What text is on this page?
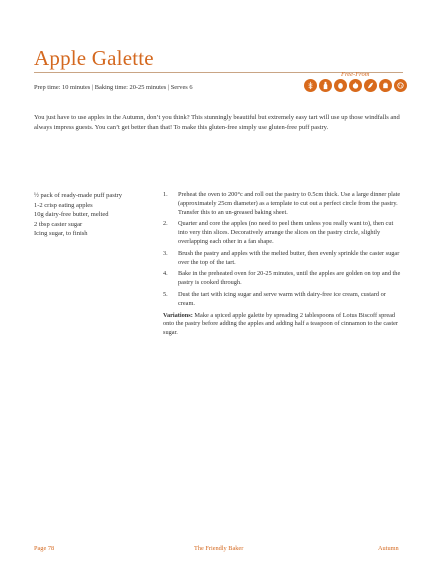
Apple Galette
Free-From
Prep time: 10 minutes | Baking time: 20-25 minutes | Serves 6
You just have to use apples in the Autumn, don’t you think? This stunningly beautiful but extremely easy tart will use up those windfalls and always impress guests. You can’t get better than that! To make this gluten-free simply use gluten-free puff pastry.
½ pack of ready-made puff pastry
1-2 crisp eating apples
10g dairy-free butter, melted
2 tbsp caster sugar
Icing sugar, to finish
1.	Preheat the oven to 200°c and roll out the pastry to 0.5cm thick. Use a large dinner plate (approximately 25cm diameter) as a template to cut out a perfect circle from the pastry. Transfer this to an un-greased baking sheet.
2.	Quarter and core the apples (no need to peel them unless you really want to), then cut into very thin slices. Decoratively arrange the slices on the pastry circle, slightly overlapping each other in a fan shape.
3.	Brush the pastry and apples with the melted butter, then evenly sprinkle the caster sugar over the top of the tart.
4.	Bake in the preheated oven for 20-25 minutes, until the apples are golden on top and the pastry is cooked through.
5.	Dust the tart with icing sugar and serve warm with dairy-free ice cream, custard or cream.
Variations: Make a spiced apple galette by spreading 2 tablespoons of Lotus Biscoff spread onto the pastry before adding the apples and adding half a teaspoon of cinnamon to the caster sugar.
Page 78	The Friendly Baker	Autumn
